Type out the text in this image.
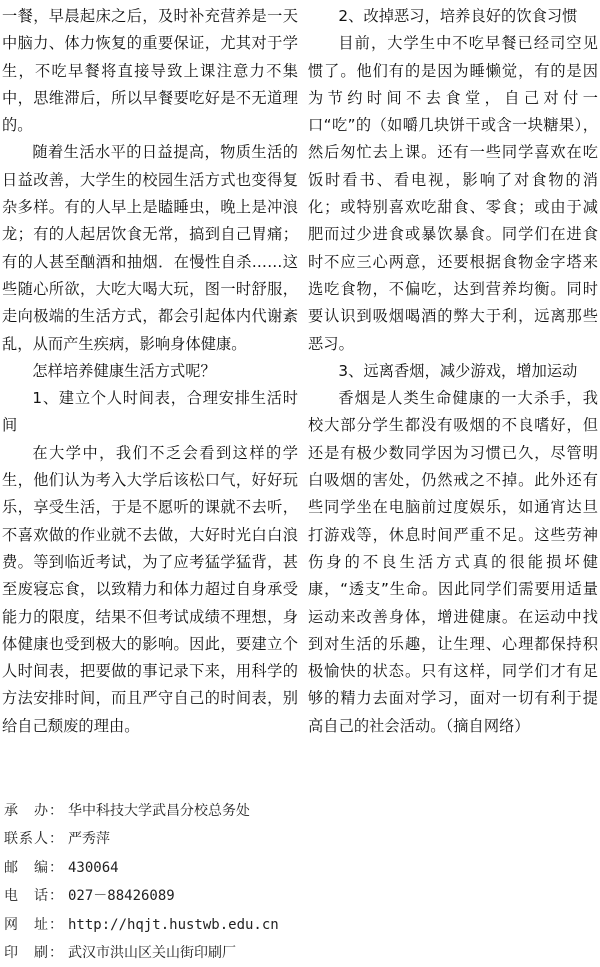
一餐，早晨起床之后，及时补充营养是一天中脑力、体力恢复的重要保证，尤其对于学生，不吃早餐将直接导致上课注意力不集中，思维滞后，所以早餐要吃好是不无道理的。

随着生活水平的日益提高，物质生活的日益改善，大学生的校园生活方式也变得复杂多样。有的人早上是瞌睡虫，晚上是冲浪龙；有的人起居饮食无常，搞到自己胃痛；有的人甚至酗酒和抽烟．在慢性自杀……这些随心所欲，大吃大喝大玩，图一时舒服，走向极端的生活方式，都会引起体内代谢紊乱，从而产生疾病，影响身体健康。

怎样培养健康生活方式呢？

1、建立个人时间表，合理安排生活时间

在大学中，我们不乏会看到这样的学生，他们认为考入大学后该松口气，好好玩乐，享受生活，于是不愿听的课就不去听，不喜欢做的作业就不去做，大好时光白白浪费。等到临近考试，为了应考猛学猛背，甚至废寝忘食，以致精力和体力超过自身承受能力的限度，结果不但考试成绩不理想，身体健康也受到极大的影响。因此，要建立个人时间表，把要做的事记录下来，用科学的方法安排时间，而且严守自己的时间表，别给自己颓废的理由。

2、改掉恶习，培养良好的饮食习惯

目前，大学生中不吃早餐已经司空见惯了。他们有的是因为睡懒觉，有的是因为节约时间不去食堂，自己对付一口“吃”的（如嚼几块饼干或含一块糖果），然后匆忙去上课。还有一些同学喜欢在吃饭时看书、看电视，影响了对食物的消化；或特别喜欢吃甜食、零食；或由于减肥而过少进食或暴饮暴食。同学们在进食时不应三心两意，还要根据食物金字塔来选吃食物，不偏吃，达到营养均衡。同时要认识到吸烟喝酒的弊大于利，远离那些恶习。

3、远离香烟，减少游戏，增加运动

香烟是人类生命健康的一大杀手，我校大部分学生都没有吸烟的不良嗜好，但还是有极少数同学因为习惯已久，尽管明白吸烟的害处，仍然戒之不掉。此外还有些同学坐在电脑前过度娱乐，如通宵达旦打游戏等，休息时间严重不足。这些劳神伤身的不良生活方式真的很能损坏健康，“透支”生命。因此同学们需要用适量运动来改善身体，增进健康。在运动中找到对生活的乐趣，让生理、心理都保持积极愉快的状态。只有这样，同学们才有足够的精力去面对学习，面对一切有利于提高自己的社会活动。（摘自网络）

承　办： 华中科技大学武昌分校总务处
联系人： 严秀萍
邮　编： 430064
电　话： 027－88426089
网　址： http://hqjt.hustwb.edu.cn
印　刷： 武汉市洪山区关山街印刷厂
